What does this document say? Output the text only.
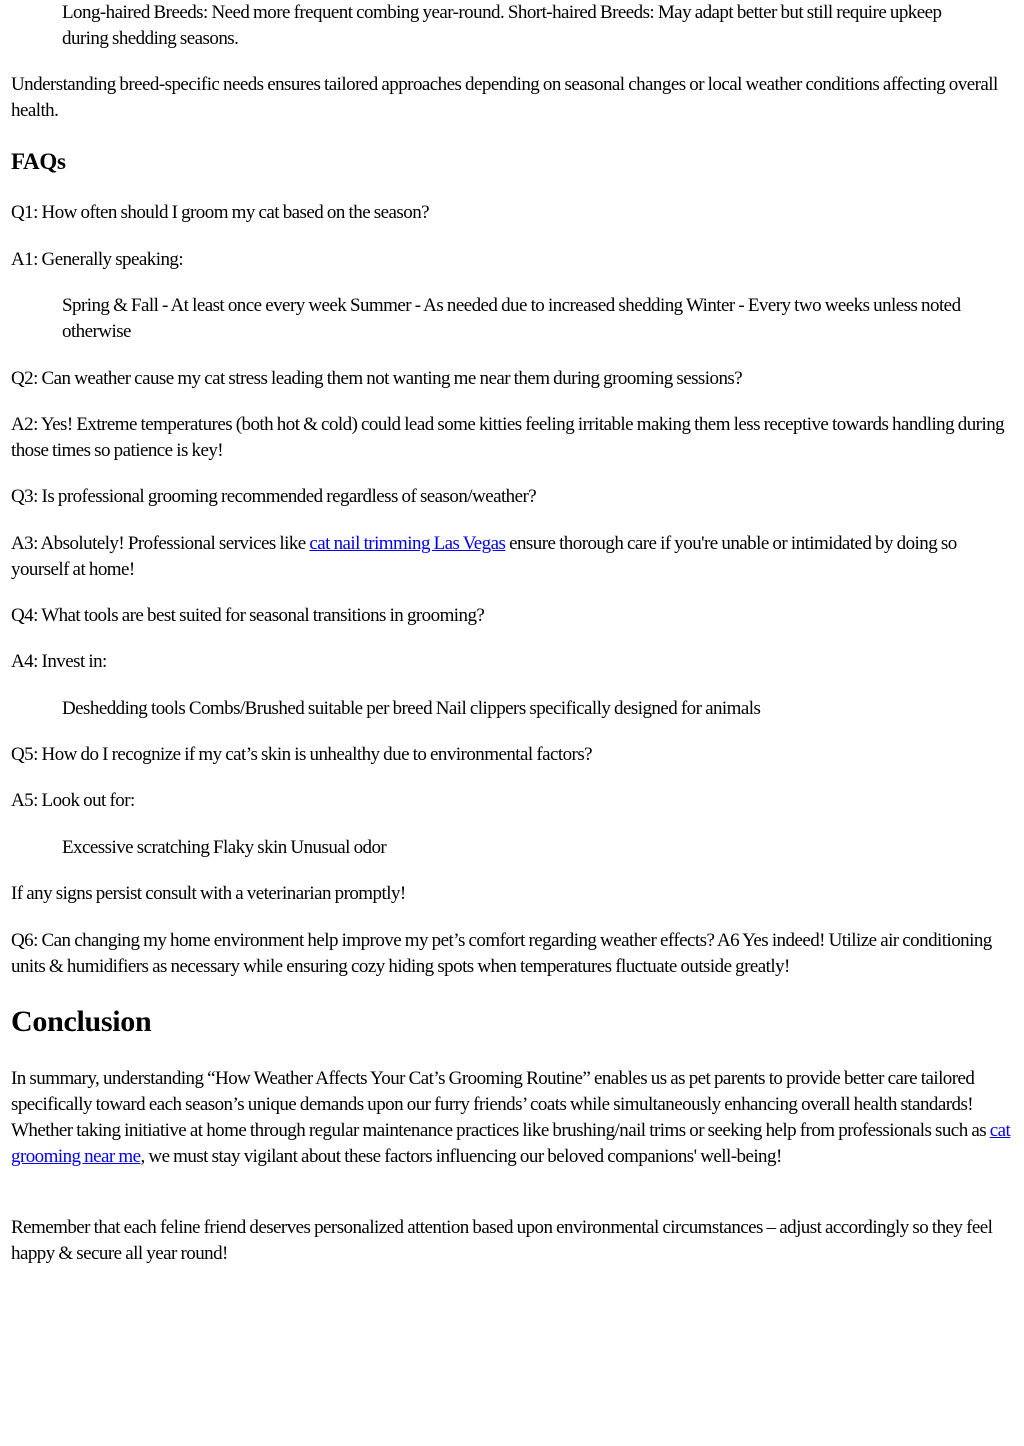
Long-haired Breeds: Need more frequent combing year-round. Short-haired Breeds: May adapt better but still require upkeep during shedding seasons.

Understanding breed-specific needs ensures tailored approaches depending on seasonal changes or local weather conditions affecting overall health.

FAQs

Q1: How often should I groom my cat based on the season?

A1: Generally speaking:

Spring & Fall - At least once every week Summer - As needed due to increased shedding Winter - Every two weeks unless noted otherwise

Q2: Can weather cause my cat stress leading them not wanting me near them during grooming sessions?

A2: Yes! Extreme temperatures (both hot & cold) could lead some kitties feeling irritable making them less receptive towards handling during those times so patience is key!

Q3: Is professional grooming recommended regardless of season/weather?

A3: Absolutely! Professional services like cat nail trimming Las Vegas ensure thorough care if you're unable or intimidated by doing so yourself at home!

Q4: What tools are best suited for seasonal transitions in grooming?

A4: Invest in:

Deshedding tools Combs/Brushed suitable per breed Nail clippers specifically designed for animals

Q5: How do I recognize if my cat’s skin is unhealthy due to environmental factors?

A5: Look out for:

Excessive scratching Flaky skin Unusual odor

If any signs persist consult with a veterinarian promptly!

Q6: Can changing my home environment help improve my pet’s comfort regarding weather effects? A6 Yes indeed! Utilize air conditioning units & humidifiers as necessary while ensuring cozy hiding spots when temperatures fluctuate outside greatly!

Conclusion

In summary, understanding “How Weather Affects Your Cat’s Grooming Routine” enables us as pet parents to provide better care tailored specifically toward each season’s unique demands upon our furry friends’ coats while simultaneously enhancing overall health standards! Whether taking initiative at home through regular maintenance practices like brushing/nail trims or seeking help from professionals such as cat grooming near me, we must stay vigilant about these factors influencing our beloved companions' well-being!

Remember that each feline friend deserves personalized attention based upon environmental circumstances – adjust accordingly so they feel happy & secure all year round!
